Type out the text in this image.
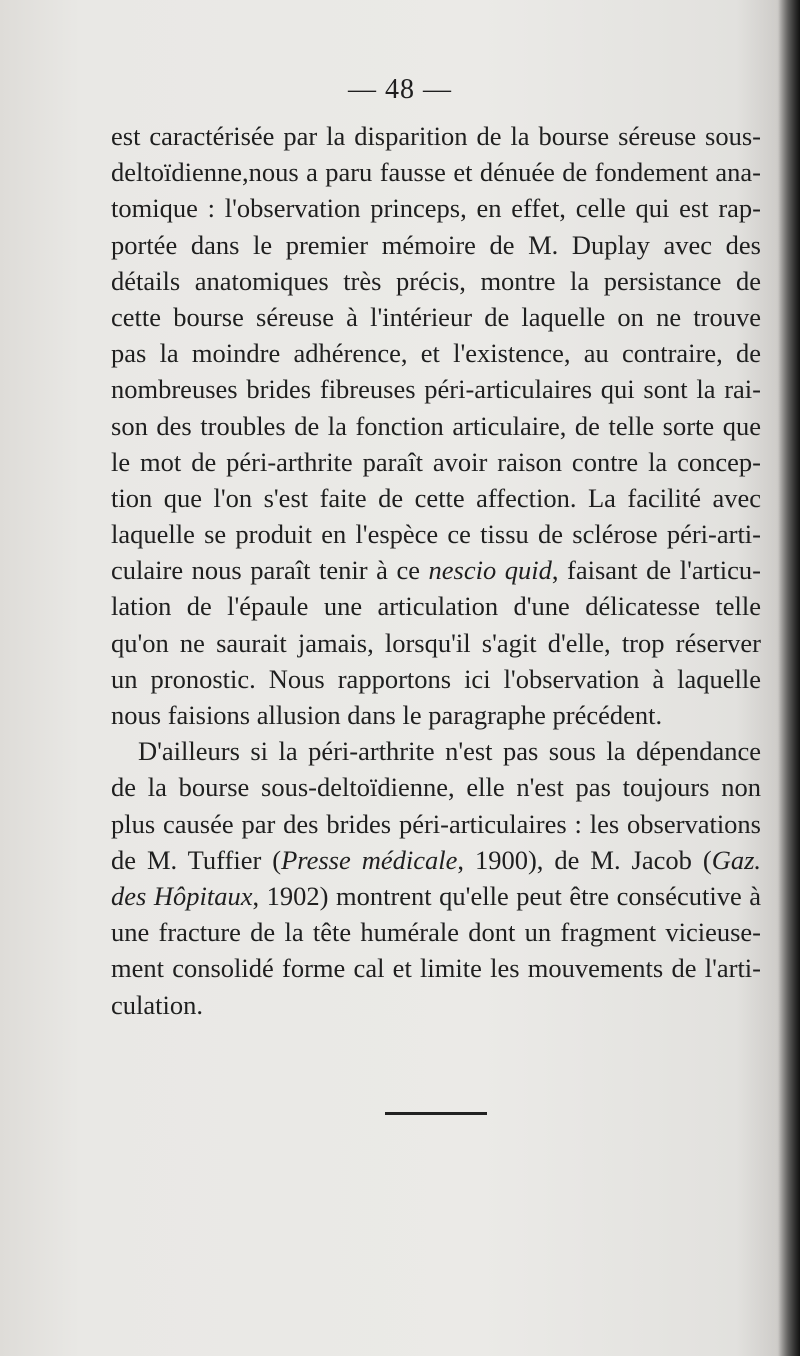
— 48 —
est caractérisée par la disparition de la bourse séreuse sous-
deltoïdienne,nous a paru fausse et dénuée de fondement ana-
tomique : l'observation princeps, en effet, celle qui est rap-
portée dans le premier mémoire de M. Duplay avec des
détails anatomiques très précis, montre la persistance de
cette bourse séreuse à l'intérieur de laquelle on ne trouve
pas la moindre adhérence, et l'existence, au contraire, de
nombreuses brides fibreuses péri-articulaires qui sont la rai-
son des troubles de la fonction articulaire, de telle sorte que
le mot de péri-arthrite paraît avoir raison contre la concep-
tion que l'on s'est faite de cette affection. La facilité avec
laquelle se produit en l'espèce ce tissu de sclérose péri-arti-
culaire nous paraît tenir à ce nescio quid, faisant de l'articu-
lation de l'épaule une articulation d'une délicatesse telle
qu'on ne saurait jamais, lorsqu'il s'agit d'elle, trop réserver
un pronostic. Nous rapportons ici l'observation à laquelle
nous faisions allusion dans le paragraphe précédent.
D'ailleurs si la péri-arthrite n'est pas sous la dépendance
de la bourse sous-deltoïdienne, elle n'est pas toujours non
plus causée par des brides péri-articulaires : les observations
de M. Tuffier (Presse médicale, 1900), de M. Jacob (Gaz.
des Hôpitaux, 1902) montrent qu'elle peut être consécutive à
une fracture de la tête humérale dont un fragment vicieuse-
ment consolidé forme cal et limite les mouvements de l'arti-
culation.
